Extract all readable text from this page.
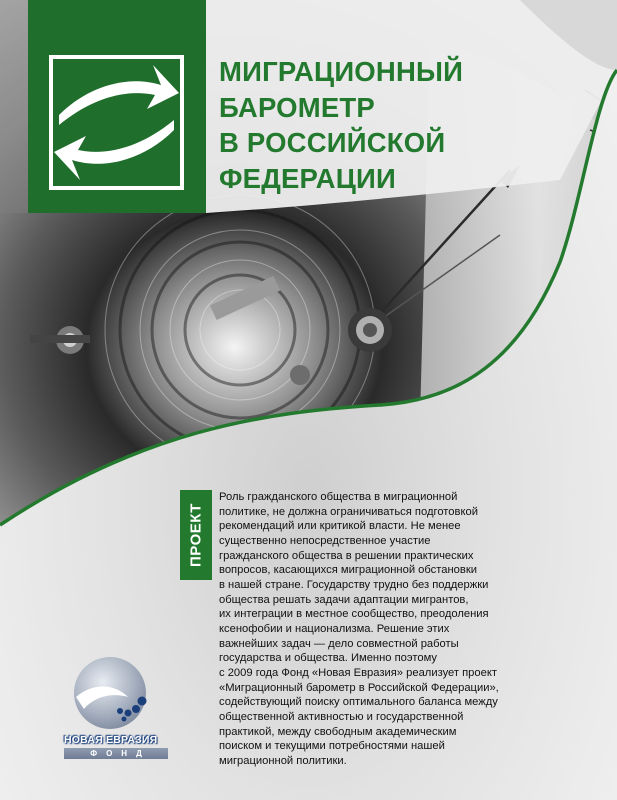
МИГРАЦИОННЫЙ
БАРОМЕТР
В РОССИЙСКОЙ
ФЕДЕРАЦИИ
ПРОЕКТ

Роль гражданского общества в миграционной
политике, не должна ограничиваться подготовкой
рекомендаций или критикой власти. Не менее
существенно непосредственное участие
гражданского общества в решении практических
вопросов, касающихся миграционной обстановки
в нашей стране. Государству трудно без поддержки
общества решать задачи адаптации мигрантов,
их интеграции в местное сообщество, преодоления
ксенофобии и национализма. Решение этих
важнейших задач — дело совместной работы
государства и общества. Именно поэтому
с 2009 года Фонд «Новая Евразия» реализует проект
«Миграционный барометр в Российской Федерации»,
содействующий поиску оптимального баланса между
общественной активностью и государственной
практикой, между свободным академическим
поиском и текущими потребностями нашей
миграционной политики.

НОВАЯ ЕВРАЗИЯ
ФОНД
